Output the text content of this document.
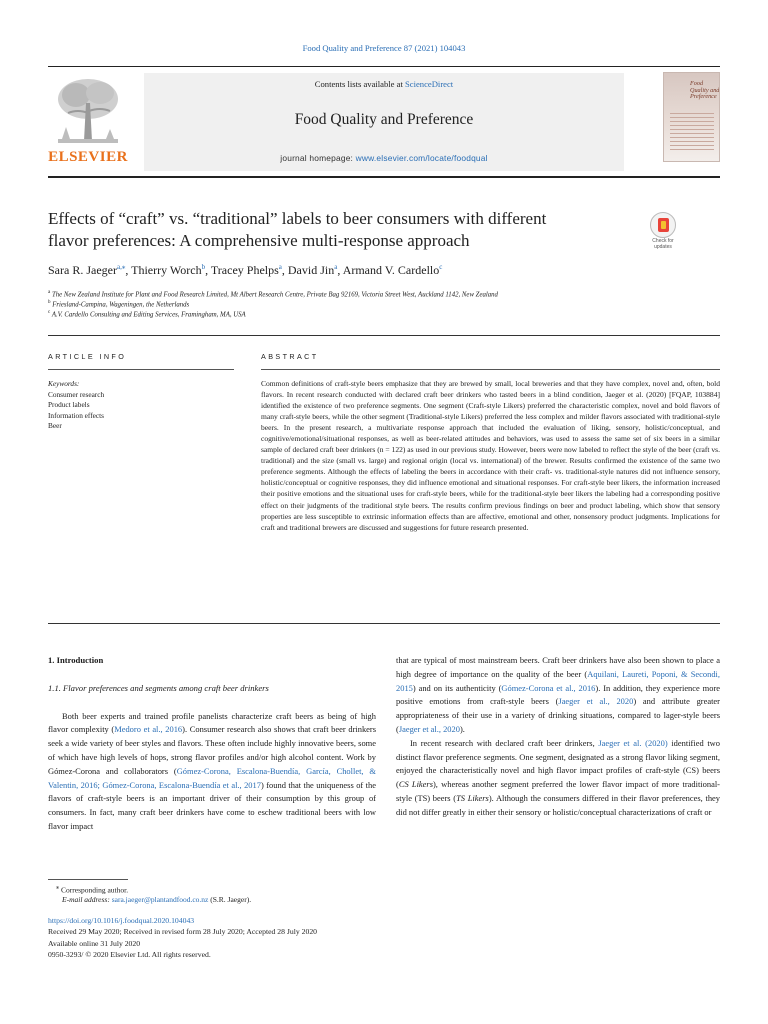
Food Quality and Preference 87 (2021) 104043
ELSEVIER
Contents lists available at ScienceDirect
Food Quality and Preference
journal homepage: www.elsevier.com/locate/foodqual
Food Quality and Preference
Effects of “craft” vs. “traditional” labels to beer consumers with different
flavor preferences: A comprehensive multi-response approach	Check for updates
Sara R. Jaeger$^{a,⁎}$, Thierry Worch$^b$, Tracey Phelps$^a$, David Jin$^a$, Armand V. Cardello$^c$
$^a$ The New Zealand Institute for Plant and Food Research Limited, Mt Albert Research Centre, Private Bag 92169, Victoria Street West, Auckland 1142, New Zealand
$^b$ Friesland-Campina, Wageningen, the Netherlands
$^c$ A.V. Cardello Consulting and Editing Services, Framingham, MA, USA
ARTICLE INFO	ABSTRACT
Keywords:
Consumer research
Product labels
Information effects
Beer
Common definitions of craft-style beers emphasize that they are brewed by small, local breweries and that they have complex, novel and, often, bold flavors. In recent research conducted with declared craft beer drinkers who tasted beers in a blind condition, Jaeger et al. (2020) [FQAP, 103884] identified the existence of two preference segments. One segment (Craft-style Likers) preferred the characteristic complex, novel and bold flavors of many craft-style beers, while the other segment (Traditional-style Likers) preferred the less complex and milder flavors associated with traditional-style beers. In the present research, a multivariate response approach that included the evaluation of liking, sensory, holistic/conceptual, and cognitive/emotional/situational responses, as well as beer-related attitudes and behaviors, was used to assess the same set of six beers in a similar sample of declared craft beer drinkers (n = 122) as used in our previous study. However, beers were now labeled to reflect the style of the beer (craft vs. traditional) and the size (small vs. large) and regional origin (local vs. international) of the brewer. Results confirmed the existence of the same two preference segments. Although the effects of labeling the beers in accordance with their craft- vs. traditional-style natures did not influence sensory, holistic/conceptual or cognitive responses, they did influence emotional and situational responses. For craft-style beer likers, the information increased their positive emotions and the situational uses for craft-style beers, while for the traditional-style beer likers the labeling had a corresponding positive effect on their judgments of the traditional style beers. The results confirm previous findings on beer and product labeling, which show that sensory properties are less susceptible to extrinsic information effects than are affective, emotional and other, nonsensory product judgments. Implications for craft and traditional brewers are discussed and suggestions for future research presented.
1. Introduction
1.1. Flavor preferences and segments among craft beer drinkers
Both beer experts and trained profile panelists characterize craft beers as being of high flavor complexity (Medoro et al., 2016). Consumer research also shows that craft beer drinkers seek a wide variety of beer styles and flavors. These often include highly innovative beers, some of which have high levels of hops, strong flavor profiles and/or high alcohol content. Work by Gómez-Corona and collaborators (Gómez-Corona, Escalona-Buendía, García, Chollet, & Valentin, 2016; Gómez-Corona, Escalona-Buendía et al., 2017) found that the uniqueness of the flavors of craft-style beers is an important driver of their consumption by this group of consumers. In fact, many craft beer drinkers have come to eschew traditional beers with low flavor impact
that are typical of most mainstream beers. Craft beer drinkers have also been shown to place a high degree of importance on the quality of the beer (Aquilani, Laureti, Poponi, & Secondi, 2015) and on its authenticity (Gómez-Corona et al., 2016). In addition, they experience more positive emotions from craft-style beers (Jaeger et al., 2020) and attribute greater appropriateness of their use in a variety of drinking situations, compared to lager-style beers (Jaeger et al., 2020).
In recent research with declared craft beer drinkers, Jaeger et al. (2020) identified two distinct flavor preference segments. One segment, designated as a strong flavor liking segment, enjoyed the characteristically novel and high flavor impact profiles of craft-style (CS) beers (CS Likers), whereas another segment preferred the lower flavor impact of more traditional-style (TS) beers (TS Likers). Although the consumers differed in their flavor preferences, they did not differ greatly in either their sensory or holistic/conceptual characterizations of craft or
⁎ Corresponding author.
E-mail address: sara.jaeger@plantandfood.co.nz (S.R. Jaeger).
https://doi.org/10.1016/j.foodqual.2020.104043
Received 29 May 2020; Received in revised form 28 July 2020; Accepted 28 July 2020
Available online 31 July 2020
0950-3293/ © 2020 Elsevier Ltd. All rights reserved.
